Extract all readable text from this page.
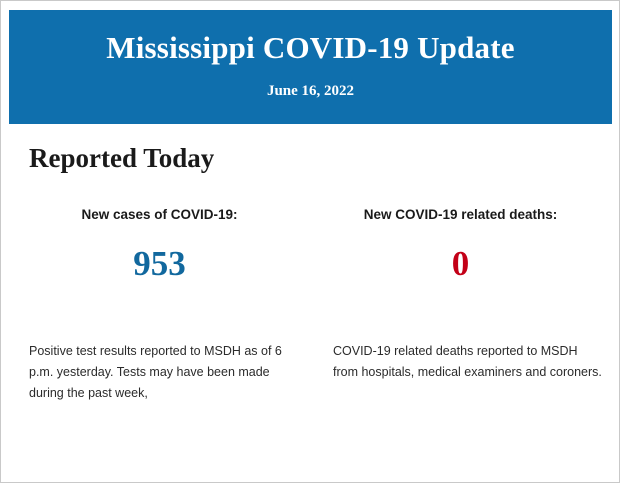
Mississippi COVID-19 Update
June 16, 2022
Reported Today
New cases of COVID-19:
953
New COVID-19 related deaths:
0
Positive test results reported to MSDH as of 6 p.m. yesterday. Tests may have been made during the past week,
COVID-19 related deaths reported to MSDH from hospitals, medical examiners and coroners.
